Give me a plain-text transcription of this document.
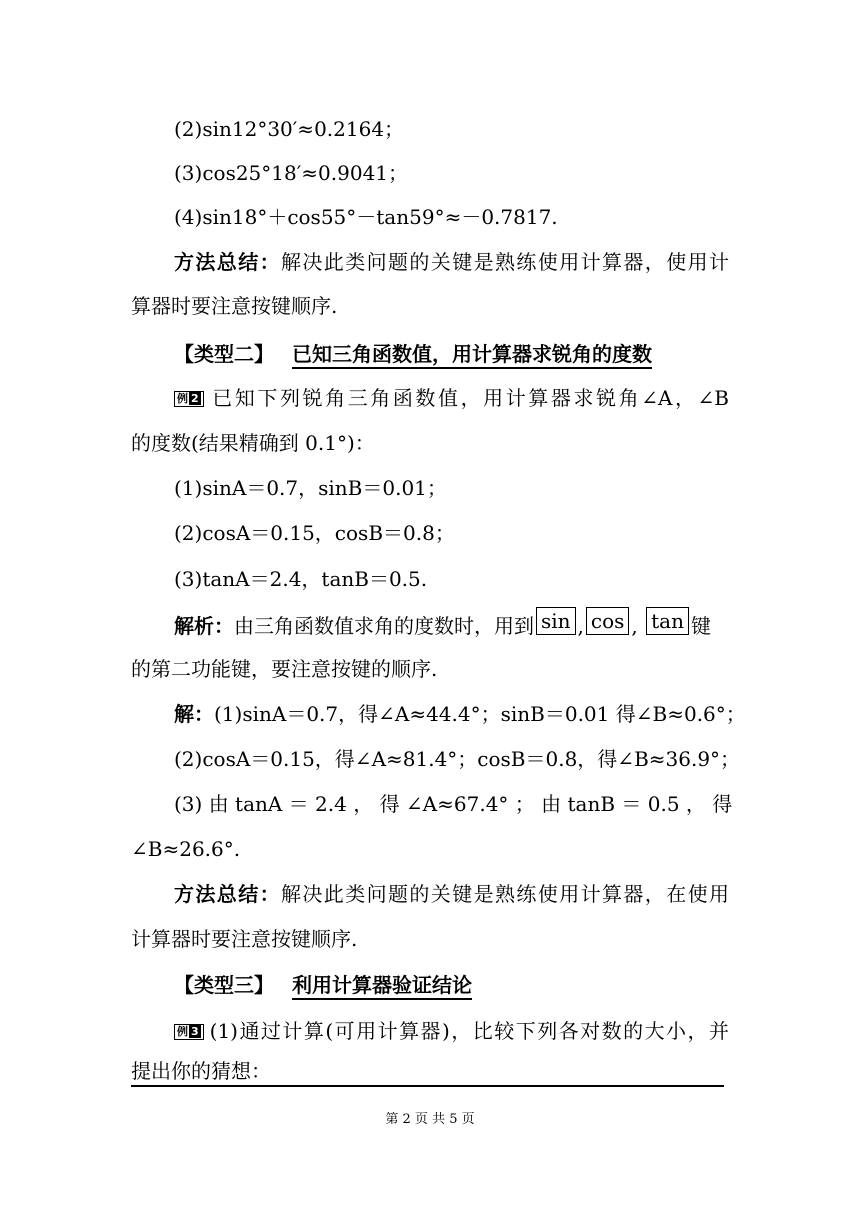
(2)sin12°30′≈0.2164；
(3)cos25°18′≈0.9041；
(4)sin18°＋cos55°－tan59°≈－0.7817.
方法总结：解决此类问题的关键是熟练使用计算器，使用计
算器时要注意按键顺序.
【类型二】 已知三角函数值，用计算器求锐角的度数
例 2 已知下列锐角三角函数值，用计算器求锐角∠A，∠B
的度数(结果精确到 0.1°)：
(1)sinA＝0.7，sinB＝0.01；
(2)cosA＝0.15，cosB＝0.8；
(3)tanA＝2.4，tanB＝0.5.
解析：由三角函数值求角的度数时，用到 sin , cos , tan 键
的第二功能键，要注意按键的顺序.
解：(1)sinA＝0.7，得∠A≈44.4°；sinB＝0.01 得∠B≈0.6°；
(2)cosA＝0.15，得∠A≈81.4°；cosB＝0.8，得∠B≈36.9°；
(3) 由 tanA ＝ 2.4 ， 得 ∠A≈67.4° ； 由 tanB ＝ 0.5 ， 得
∠B≈26.6°.
方法总结：解决此类问题的关键是熟练使用计算器，在使用
计算器时要注意按键顺序.
【类型三】 利用计算器验证结论
例 3 (1)通过计算(可用计算器)，比较下列各对数的大小，并
提出你的猜想：
第 2 页 共 5 页
